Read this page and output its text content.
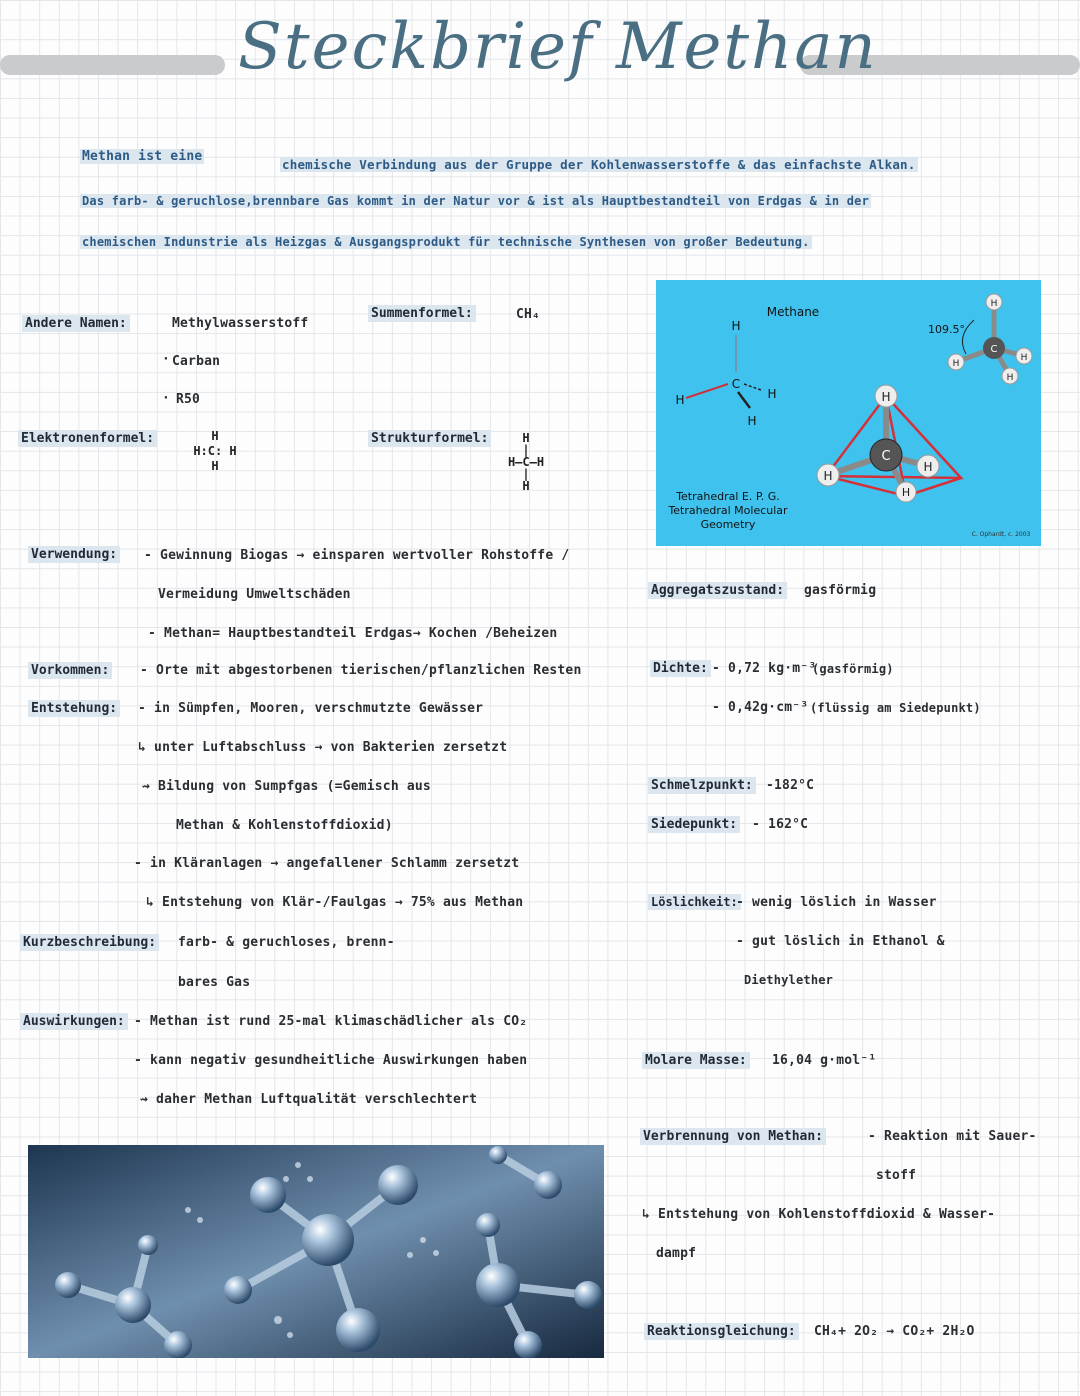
Steckbrief Methan
Methan ist eine
chemische Verbindung aus der Gruppe der Kohlenwasserstoffe & das einfachste Alkan.
Das farb- & geruchlose,brennbare Gas kommt in der Natur vor & ist als Hauptbestandteil von Erdgas & in der
chemischen Indunstrie als Heizgas & Ausgangsprodukt für technische Synthesen von großer Bedeutung.
Andere Namen:	Methylwasserstoff
· Carban
· R50
Summenformel:	CH₄
Elektronenformel:	H
H:C: H
H
Strukturformel:	H
|
H—C—H
|
H
H
C
H	H
H
Methane
C
H
H
H
H
C
H
H
H
H
109.5°
Tetrahedral E. P. G.
Tetrahedral Molecular
Geometry
C. Ophardt, c. 2003
Verwendung: - Gewinnung Biogas → einsparen wertvoller Rohstoffe /
Vermeidung Umweltschäden
- Methan= Hauptbestandteil Erdgas→ Kochen /Beheizen
Vorkommen: - Orte mit abgestorbenen tierischen/pflanzlichen Resten
Entstehung: - in Sümpfen, Mooren, verschmutzte Gewässer
↳ unter Luftabschluss → von Bakterien zersetzt
⇝ Bildung von Sumpfgas (=Gemisch aus
Methan & Kohlenstoffdioxid)
- in Kläranlagen → angefallener Schlamm zersetzt
↳ Entstehung von Klär-/Faulgas → 75% aus Methan
Kurzbeschreibung: farb- & geruchloses, brenn-
bares Gas
Auswirkungen: - Methan ist rund 25-mal klimaschädlicher als CO₂
- kann negativ gesundheitliche Auswirkungen haben
⇝ daher Methan Luftqualität verschlechtert
Aggregatszustand: gasförmig
Dichte: - 0,72 kg·m⁻³
(gasförmig)
- 0,42g·cm⁻³ (flüssig am Siedepunkt)
Schmelzpunkt: -182°C
Siedepunkt: - 162°C
Löslichkeit:
- wenig löslich in Wasser
- gut löslich in Ethanol &
Diethylether
Molare Masse: 16,04 g·mol⁻¹
Verbrennung von Methan:	- Reaktion mit Sauer-
stoff
↳ Entstehung von Kohlenstoffdioxid & Wasser-
dampf
Reaktionsgleichung: CH₄+ 2O₂ → CO₂+ 2H₂O
